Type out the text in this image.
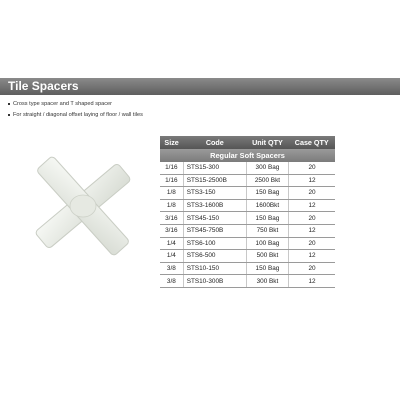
Tile Spacers
Cross type spacer and T shaped spacer
For straight / diagonal offset laying of floor / wall tiles
Size	Code	Unit QTY	Case QTY
Regular Soft Spacers			
1/16	STS15-300	300 Bag	20
1/16	STS15-2500B	2500 Bkt	12
1/8	STS3-150	150 Bag	20
1/8	STS3-1600B	1600Bkt	12
3/16	STS45-150	150 Bag	20
3/16	STS45-750B	750 Bkt	12
1/4	STS6-100	100 Bag	20
1/4	STS6-500	500 Bkt	12
3/8	STS10-150	150 Bag	20
3/8	STS10-300B	300 Bkt	12
